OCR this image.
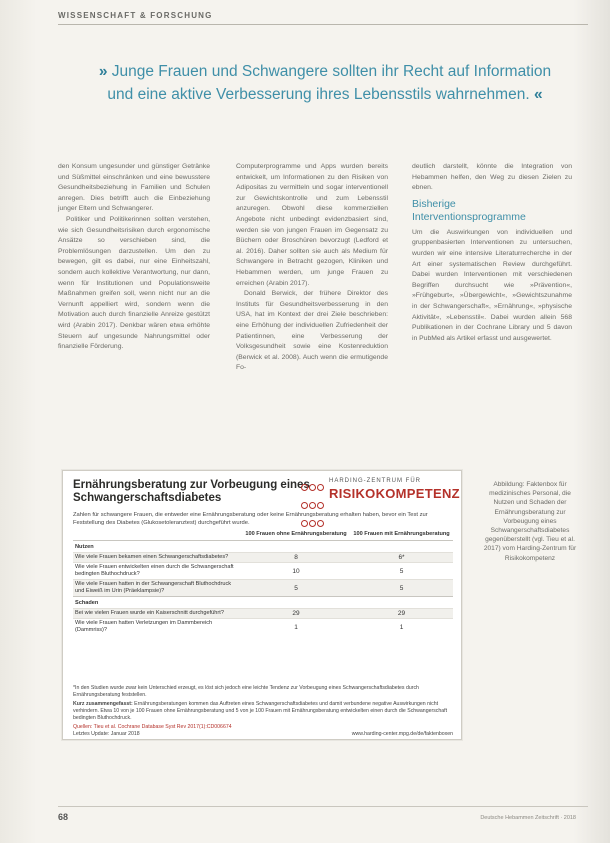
WISSENSCHAFT & FORSCHUNG
» Junge Frauen und Schwangere sollten ihr Recht auf Information und eine aktive Verbesserung ihres Lebensstils wahrnehmen. «

den Konsum ungesunder und günstiger Getränke und Süßmittel einschränken und eine bewusstere Gesundheitsbeziehung in Familien und Schulen anregen. Dies betrifft auch die Einbeziehung junger Eltern und Schwangerer.

Politiker und Politikerinnen sollten verstehen, wie sich Gesundheitsrisiken durch ergonomische Ansätze so verschieben sind, die Problemlösungen darzustellen. Um den zu bewegen, gilt es dabei, nur eine Einheitszahl, sondern auch kollektive Verantwortung, nur dann, wenn für Institutionen und Populationsweite Maßnahmen greifen soll, wenn nicht nur an die Vernunft appelliert wird, sondern wenn die Motivation auch durch finanzielle Anreize gestützt wird (Arabin 2017). Denkbar wären etwa erhöhte Steuern auf ungesunde Nahrungsmittel oder finanzielle Förderung.

Computerprogramme und Apps wurden bereits entwickelt, um Informationen zu den Risiken von Adipositas zu vermitteln und sogar interventionell zur Gewichtskontrolle und zum Lebensstil anzuregen. Obwohl diese kommerziellen Angebote nicht unbedingt evidenzbasiert sind, werden sie von jungen Frauen im Gegensatz zu Büchern oder Broschüren bevorzugt (Ledford et al. 2016). Daher sollten sie auch als Medium für Schwangere in Betracht gezogen, Kliniken und Hebammen werden, um junge Frauen zu erreichen (Arabin 2017).

Donald Berwick, der frühere Direktor des Instituts für Gesundheitsverbesserung in den USA, hat im Kontext der drei Ziele beschrieben: eine Erhöhung der individuellen Zufriedenheit der Patientinnen, eine Verbesserung der Volksgesundheit sowie eine Kostenreduktion (Berwick et al. 2008). Auch wenn die ermutigende Fo-

deutlich darstellt, könnte die Integration von Hebammen helfen, den Weg zu diesen Zielen zu ebnen.

Bisherige Interventionsprogramme

Um die Auswirkungen von individuellen und gruppenbasierten Interventionen zu untersuchen, wurden wir eine intensive Literaturrecherche in der Art einer systematischen Review durchgeführt. Dabei wurden Interventionen mit verschiedenen Begriffen durchsucht wie »Prävention«, »Frühgeburt«, »Übergewicht«, »Gewichtszunahme in der Schwangerschaft«, »Ernährung«, »physische Aktivität«, »Lebensstil«. Dabei wurden allein 568 Publikationen in der Cochrane Library und 5 davon in PubMed als Artikel erfasst und ausgewertet.

Ernährungsberatung zur Vorbeugung eines Schwangerschaftsdiabetes

HARDING-ZENTRUM FÜR
RISIKOKOMPETENZ
Zahlen für schwangere Frauen, die entweder eine Ernährungsberatung oder keine Ernährungsberatung erhalten haben, bevor ein Test zur Feststellung des Diabetes (Glukosetoleranztest) durchgeführt wurde.
	100 Frauen ohne Ernährungsberatung	100 Frauen mit Ernährungsberatung
Nutzen		
Wie viele Frauen bekamen einen Schwangerschaftsdiabetes?	8	6*
Wie viele Frauen entwickelten einen durch die Schwangerschaft bedingten Bluthochdruck?	10	5
Wie viele Frauen hatten in der Schwangerschaft Bluthochdruck und Eiweiß im Urin (Präeklampsie)?	5	5
Schaden		
Bei wie vielen Frauen wurde ein Kaiserschnitt durchgeführt?	29	29
Wie viele Frauen hatten Verletzungen im Dammbereich (Dammriss)?	1	1
*In den Studien wurde zwar kein Unterschied erzeugt, es löst sich jedoch eine leichte Tendenz zur Vorbeugung eines Schwangerschaftsdiabetes durch Ernährungsberatung feststellen.
Kurz zusammengefasst: Ernährungsberatungen kommen das Auftreten eines Schwangerschaftsdiabetes und damit verbundene negative Auswirkungen nicht verhindern. Etwa 10 von je 100 Frauen ohne Ernährungsberatung und 5 von je 100 Frauen mit Ernährungsberatung entwickelten einen durch die Schwangerschaft bedingten Bluthochdruck.
Quellen: Tieu et al. Cochrane Database Syst Rev 2017(1):CD006674
Letztes Update: Januar 2018	www.harding-center.mpg.de/de/faktenboxen
Abbildung: Faktenbox für medizinisches Personal, die Nutzen und Schaden der Ernährungsberatung zur Vorbeugung eines Schwangerschaftsdiabetes gegenüberstellt (vgl. Tieu et al. 2017) vom Harding-Zentrum für Risikokompetenz
68	Deutsche Hebammen Zeitschrift · 2018
